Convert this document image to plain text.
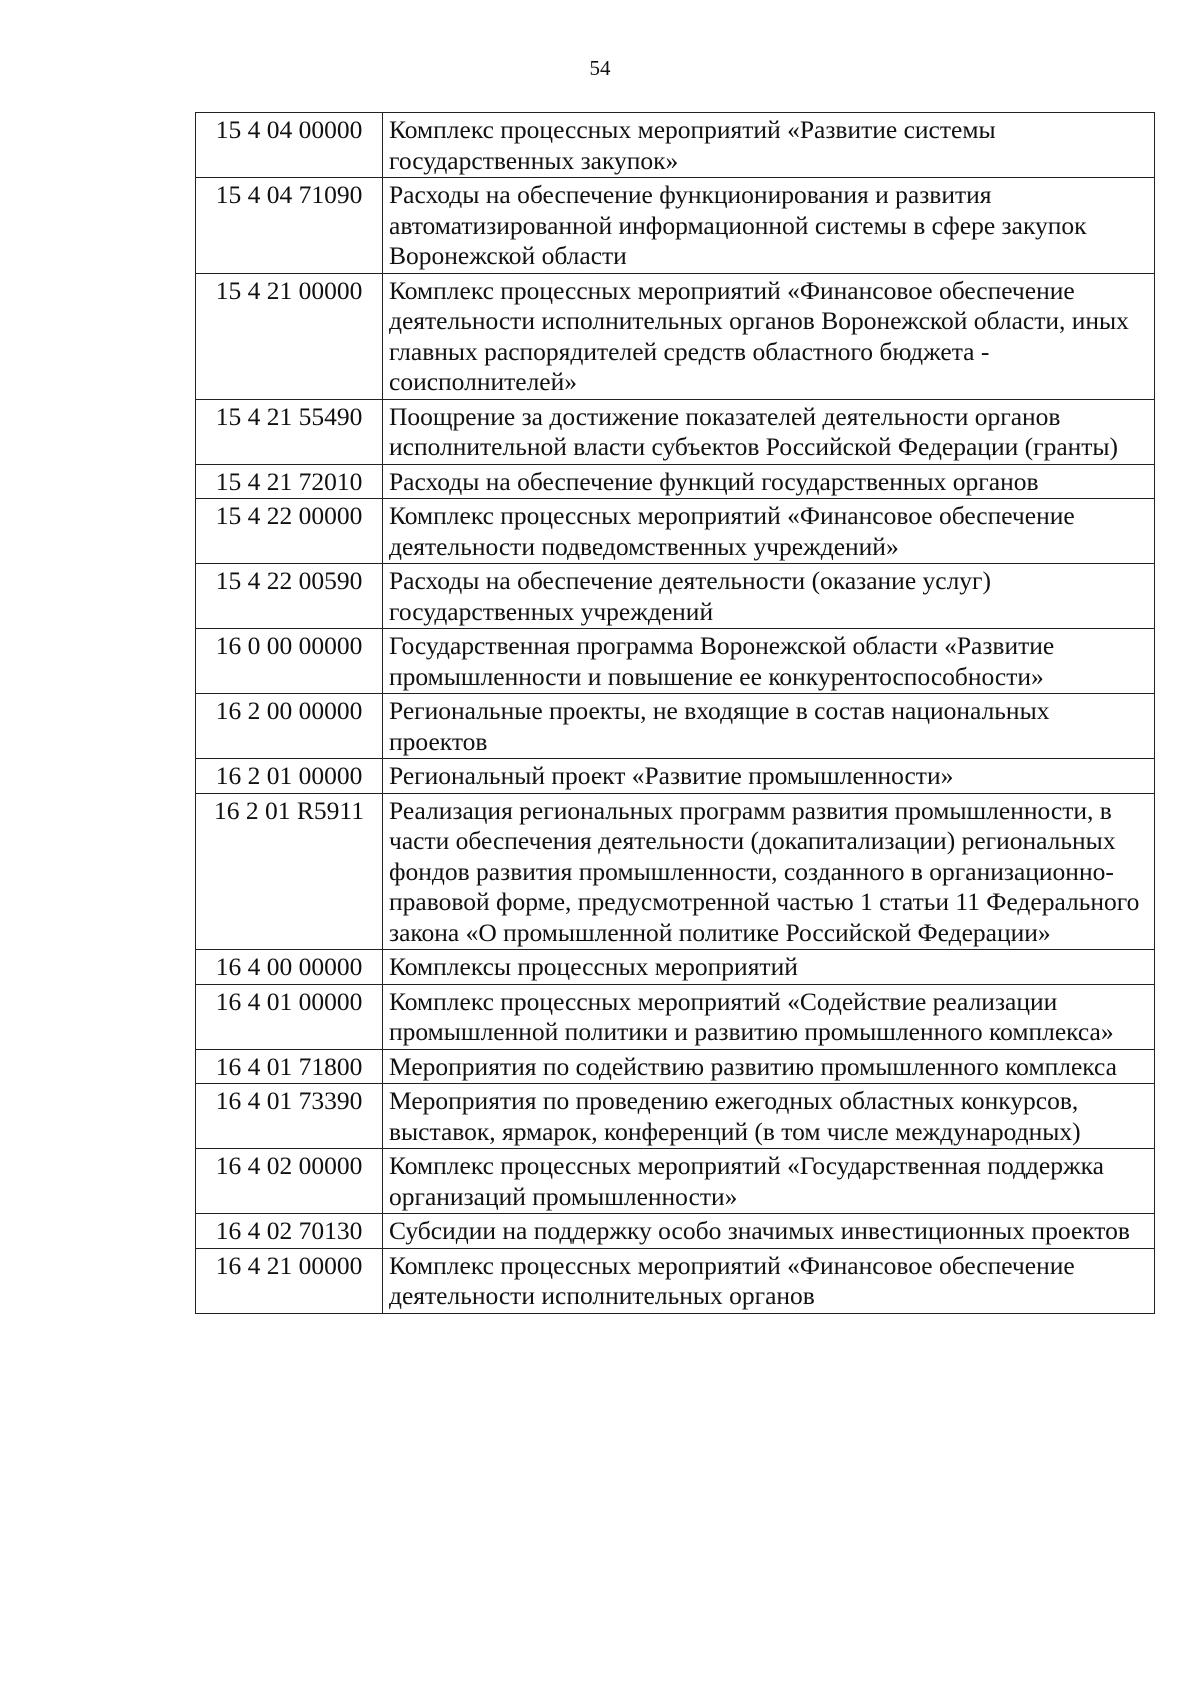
54
15 4 04 00000	Комплекс процессных мероприятий «Развитие системы государственных закупок»
15 4 04 71090	Расходы на обеспечение функционирования и развития автоматизированной информационной системы в сфере закупок Воронежской области
15 4 21 00000	Комплекс процессных мероприятий «Финансовое обеспечение деятельности исполнительных органов Воронежской области, иных главных распорядителей средств областного бюджета - соисполнителей»
15 4 21 55490	Поощрение за достижение показателей деятельности органов исполнительной власти субъектов Российской Федерации (гранты)
15 4 21 72010	Расходы на обеспечение функций государственных органов
15 4 22 00000	Комплекс процессных мероприятий «Финансовое обеспечение деятельности подведомственных учреждений»
15 4 22 00590	Расходы на обеспечение деятельности (оказание услуг) государственных учреждений
16 0 00 00000	Государственная программа Воронежской области «Развитие промышленности и повышение ее конкурентоспособности»
16 2 00 00000	Региональные проекты, не входящие в состав национальных проектов
16 2 01 00000	Региональный проект «Развитие промышленности»
16 2 01 R5911	Реализация региональных программ развития промышленности, в части обеспечения деятельности (докапитализации) региональных фондов развития промышленности, созданного в организационно-правовой форме, предусмотренной частью 1 статьи 11 Федерального закона «О промышленной политике Российской Федерации»
16 4 00 00000	Комплексы процессных мероприятий
16 4 01 00000	Комплекс процессных мероприятий «Содействие реализации промышленной политики и развитию промышленного комплекса»
16 4 01 71800	Мероприятия по содействию развитию промышленного комплекса
16 4 01 73390	Мероприятия по проведению ежегодных областных конкурсов, выставок, ярмарок, конференций (в том числе международных)
16 4 02 00000	Комплекс процессных мероприятий «Государственная поддержка организаций промышленности»
16 4 02 70130	Субсидии на поддержку особо значимых инвестиционных проектов
16 4 21 00000	Комплекс процессных мероприятий «Финансовое обеспечение деятельности исполнительных органов
